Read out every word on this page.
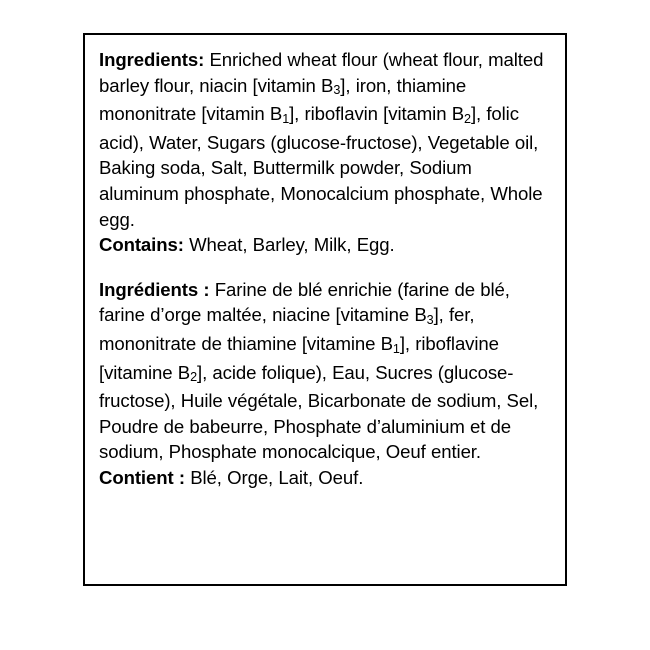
Ingredients: Enriched wheat flour (wheat flour, malted barley flour, niacin [vitamin $B_3$], iron, thiamine mononitrate [vitamin $B_1$], riboflavin [vitamin $B_2$], folic acid), Water, Sugars (glucose-fructose), Vegetable oil, Baking soda, Salt, Buttermilk powder, Sodium aluminum phosphate, Monocalcium phosphate, Whole egg.

Contains: Wheat, Barley, Milk, Egg.

Ingrédients : Farine de blé enrichie (farine de blé, farine d’orge maltée, niacine [vitamine $B_3$], fer, mononitrate de thiamine [vitamine $B_1$], riboflavine [vitamine $B_2$], acide folique), Eau, Sucres (glucose-fructose), Huile végétale, Bicarbonate de sodium, Sel, Poudre de babeurre, Phosphate d’aluminium et de sodium, Phosphate monocalcique, Oeuf entier.

Contient : Blé, Orge, Lait, Oeuf.
